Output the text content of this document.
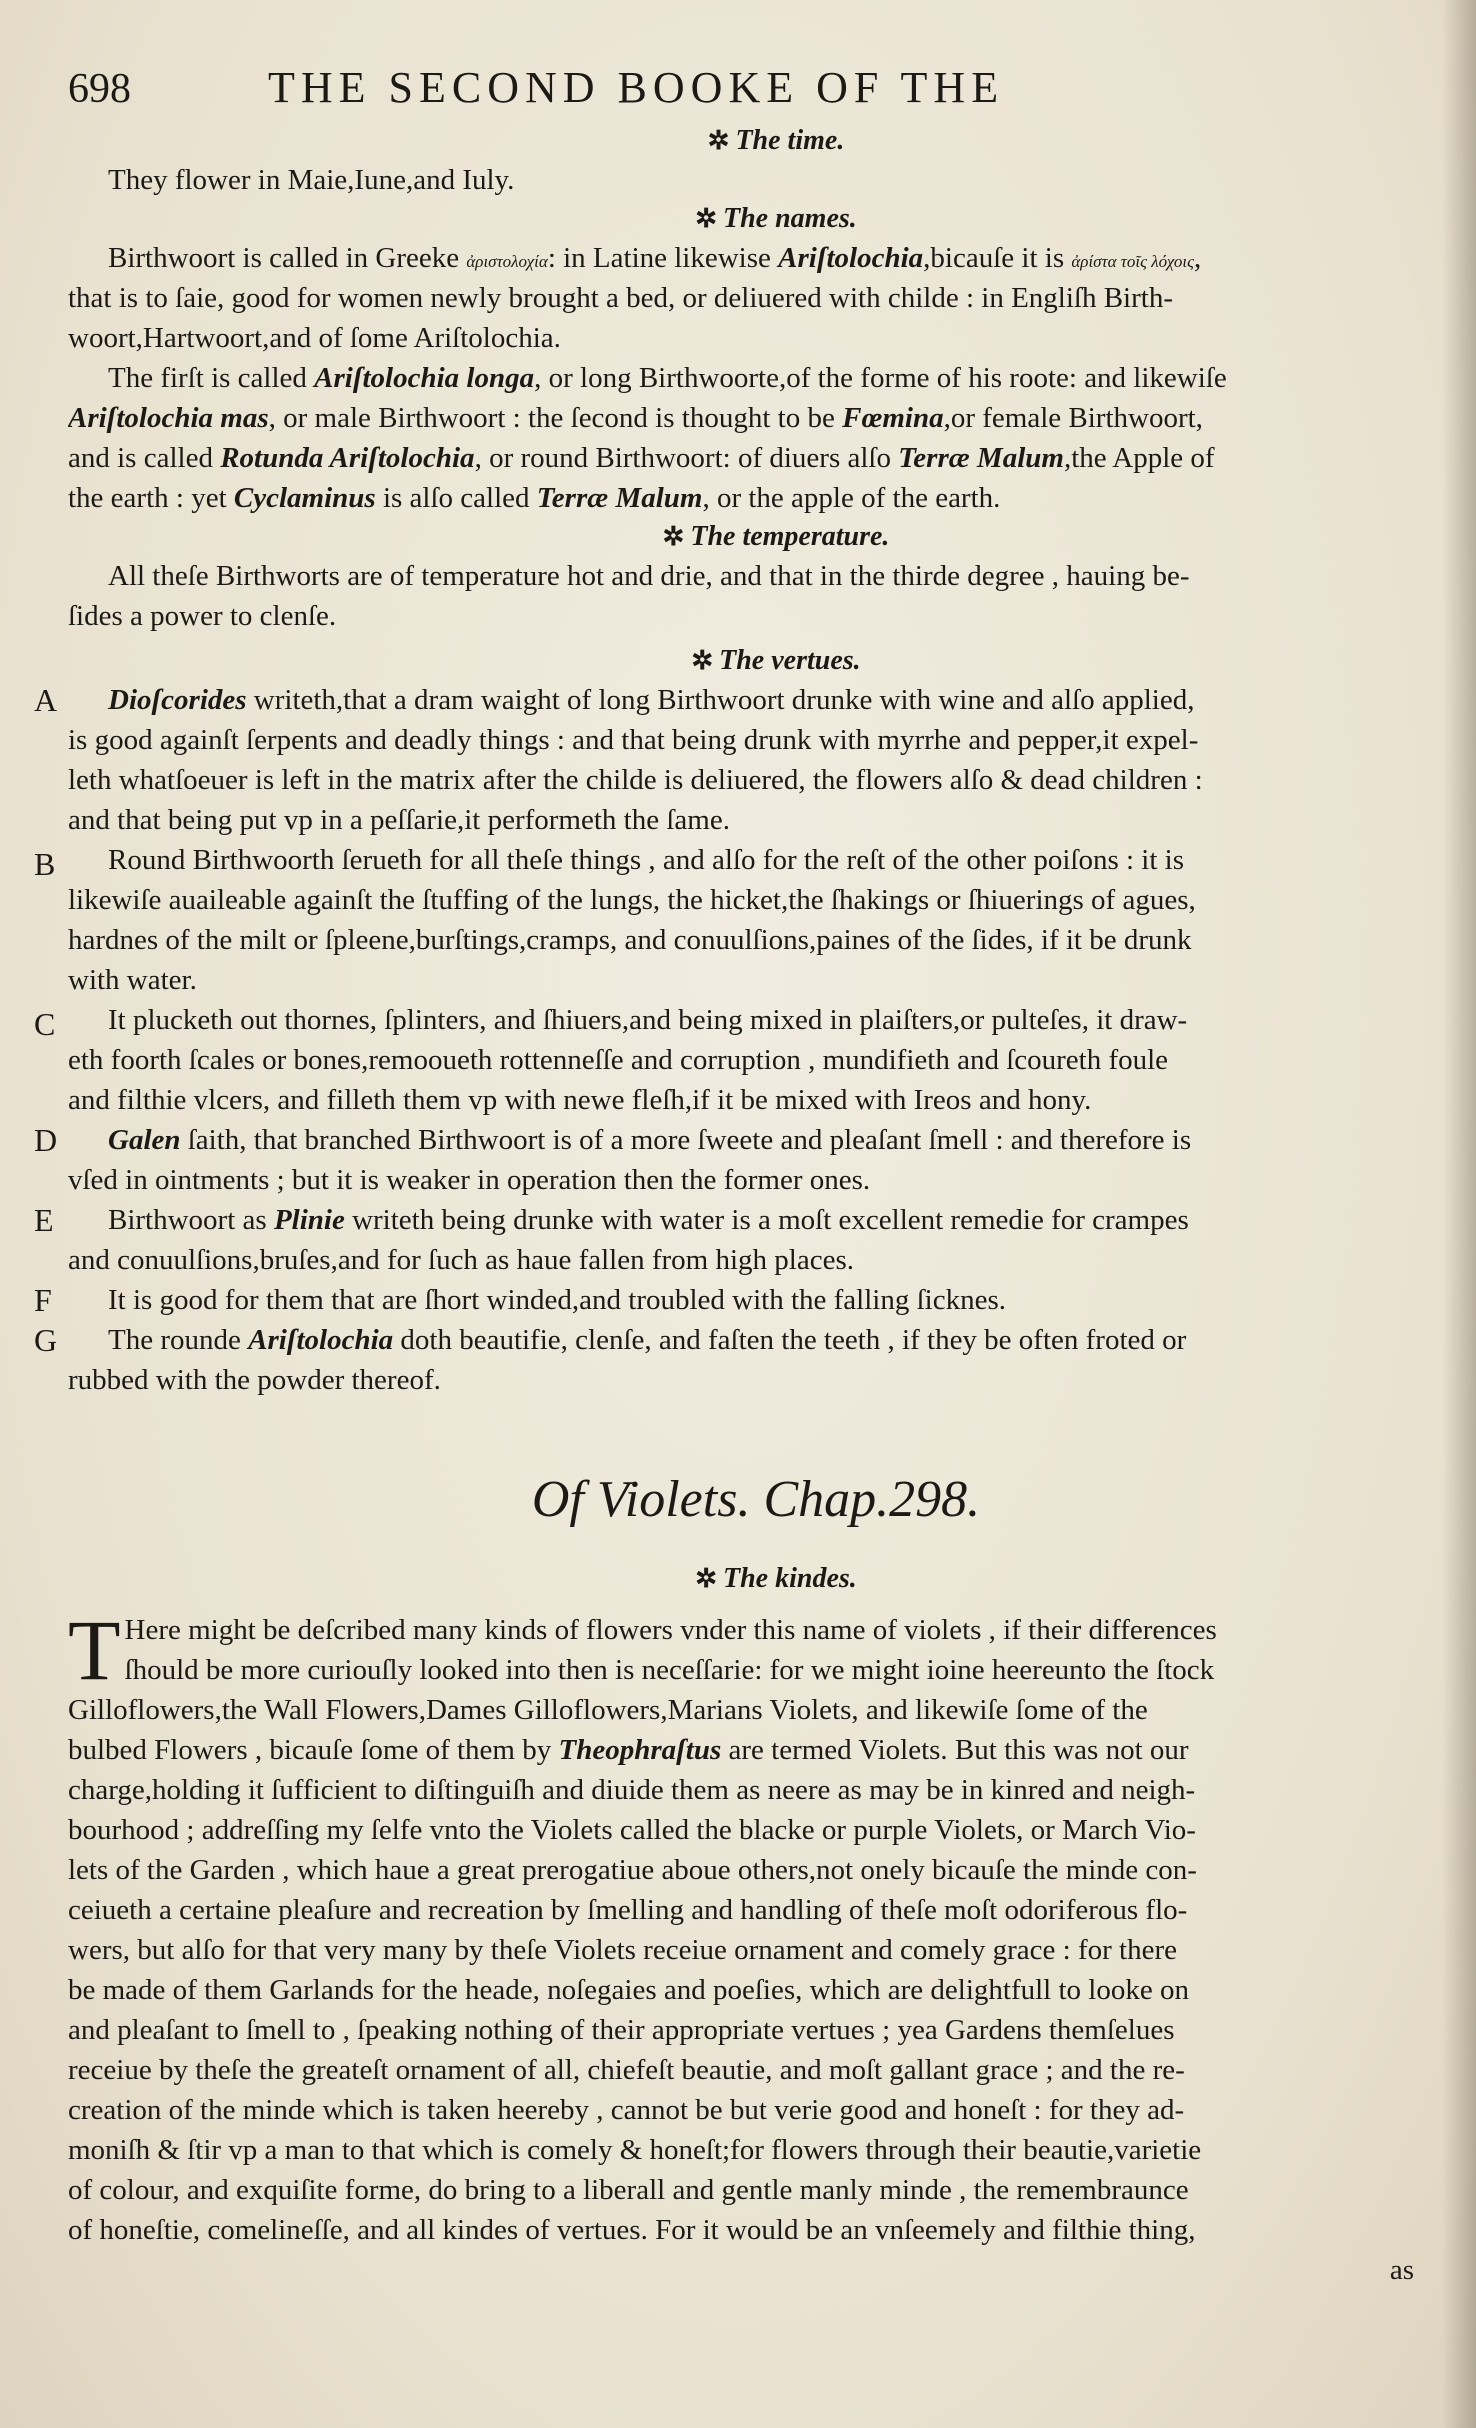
698	THE SECOND BOOKE OF THE
✲ The time.
They flower in Maie,Iune,and Iuly.
✲ The names.
Birthwoort is called in Greeke ἀριστολοχία: in Latine likewise Ariſtolochia,bicauſe it is ἀρίστα τοῖς λόχοις,
that is to ſaie, good for women newly brought a bed, or deliuered with childe : in Engliſh Birth-
woort,Hartwoort,and of ſome Ariſtolochia.
The firſt is called Ariſtolochia longa, or long Birthwoorte,of the forme of his roote: and likewiſe
Ariſtolochia mas, or male Birthwoort : the ſecond is thought to be Fœmina,or female Birthwoort,
and is called Rotunda Ariſtolochia, or round Birthwoort: of diuers alſo Terræ Malum,the Apple of
the earth : yet Cyclaminus is alſo called Terræ Malum, or the apple of the earth.
✲ The temperature.
All theſe Birthworts are of temperature hot and drie, and that in the thirde degree , hauing be-
ſides a power to clenſe.
✲ The vertues.
A	Dioſcorides writeth,that a dram waight of long Birthwoort drunke with wine and alſo applied,
is good againſt ſerpents and deadly things : and that being drunk with myrrhe and pepper,it expel-
leth whatſoeuer is left in the matrix after the childe is deliuered, the flowers alſo & dead children :
and that being put vp in a peſſarie,it performeth the ſame.
B	Round Birthwoorth ſerueth for all theſe things , and alſo for the reſt of the other poiſons : it is
likewiſe auaileable againſt the ſtuffing of the lungs, the hicket,the ſhakings or ſhiuerings of agues,
hardnes of the milt or ſpleene,burſtings,cramps, and conuulſions,paines of the ſides, if it be drunk
with water.
C	It plucketh out thornes, ſplinters, and ſhiuers,and being mixed in plaiſters,or pulteſes, it draw-
eth foorth ſcales or bones,remooueth rottenneſſe and corruption , mundifieth and ſcoureth foule
and filthie vlcers, and filleth them vp with newe fleſh,if it be mixed with Ireos and hony.
D	Galen ſaith, that branched Birthwoort is of a more ſweete and pleaſant ſmell : and therefore is
vſed in ointments ; but it is weaker in operation then the former ones.
E	Birthwoort as Plinie writeth being drunke with water is a moſt excellent remedie for crampes
and conuulſions,bruſes,and for ſuch as haue fallen from high places.
F	It is good for them that are ſhort winded,and troubled with the falling ſicknes.
G	The rounde Ariſtolochia doth beautifie, clenſe, and faſten the teeth , if they be often froted or
rubbed with the powder thereof.
Of Violets. Chap.298.
✲ The kindes.
T Here might be deſcribed many kinds of flowers vnder this name of violets , if their differences
ſhould be more curiouſly looked into then is neceſſarie: for we might ioine heereunto the ſtock
Gilloflowers,the Wall Flowers,Dames Gilloflowers,Marians Violets, and likewiſe ſome of the
bulbed Flowers , bicauſe ſome of them by Theophraſtus are termed Violets. But this was not our
charge,holding it ſufficient to diſtinguiſh and diuide them as neere as may be in kinred and neigh-
bourhood ; addreſſing my ſelfe vnto the Violets called the blacke or purple Violets, or March Vio-
lets of the Garden , which haue a great prerogatiue aboue others,not onely bicauſe the minde con-
ceiueth a certaine pleaſure and recreation by ſmelling and handling of theſe moſt odoriferous flo-
wers, but alſo for that very many by theſe Violets receiue ornament and comely grace : for there
be made of them Garlands for the heade, noſegaies and poeſies, which are delightfull to looke on
and pleaſant to ſmell to , ſpeaking nothing of their appropriate vertues ; yea Gardens themſelues
receiue by theſe the greateſt ornament of all, chiefeſt beautie, and moſt gallant grace ; and the re-
creation of the minde which is taken heereby , cannot be but verie good and honeſt : for they ad-
moniſh & ſtir vp a man to that which is comely & honeſt;for flowers through their beautie,varietie
of colour, and exquiſite forme, do bring to a liberall and gentle manly minde , the remembraunce
of honeſtie, comelineſſe, and all kindes of vertues. For it would be an vnſeemely and filthie thing,
as
